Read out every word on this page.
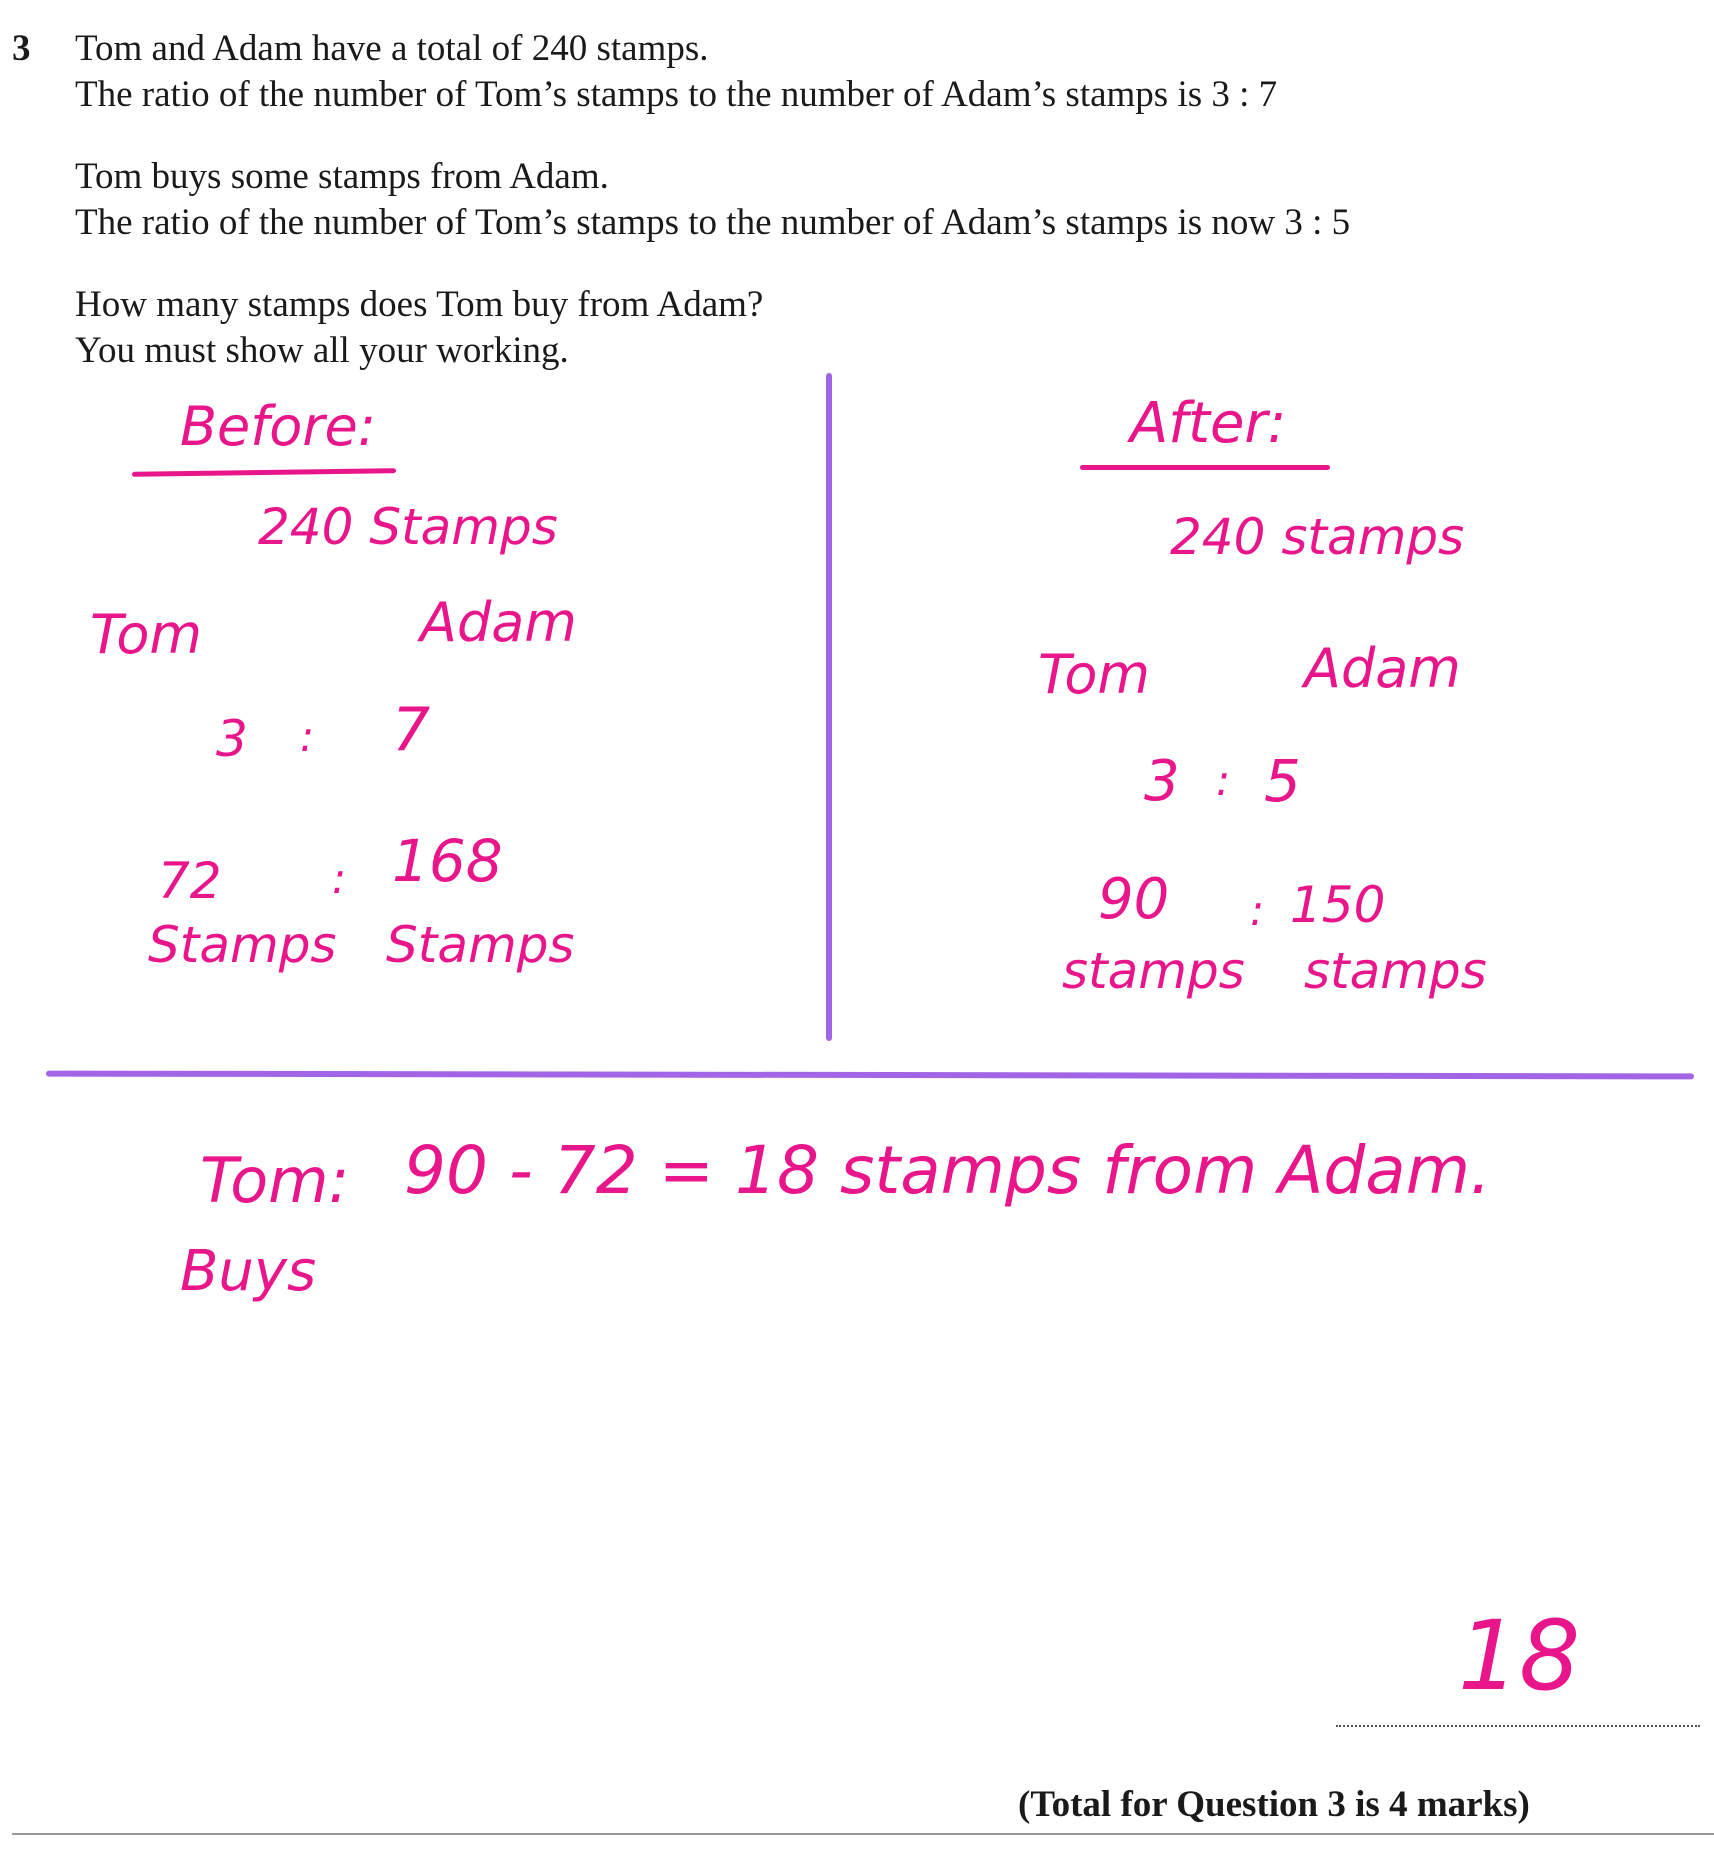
3 Tom and Adam have a total of 240 stamps.
The ratio of the number of Tom’s stamps to the number of Adam’s stamps is 3 : 7
Tom buys some stamps from Adam.
The ratio of the number of Tom’s stamps to the number of Adam’s stamps is now 3 : 5
How many stamps does Tom buy from Adam?
You must show all your working.
Before:
240 Stamps
Tom	Adam
3 : 7
72	: 168
Stamps Stamps
After:
240 stamps
Tom	Adam
3 : 5
90 : 150
stamps stamps
Tom: 90 - 72 = 18 stamps from Adam.
Buys
18
(Total for Question 3 is 4 marks)
